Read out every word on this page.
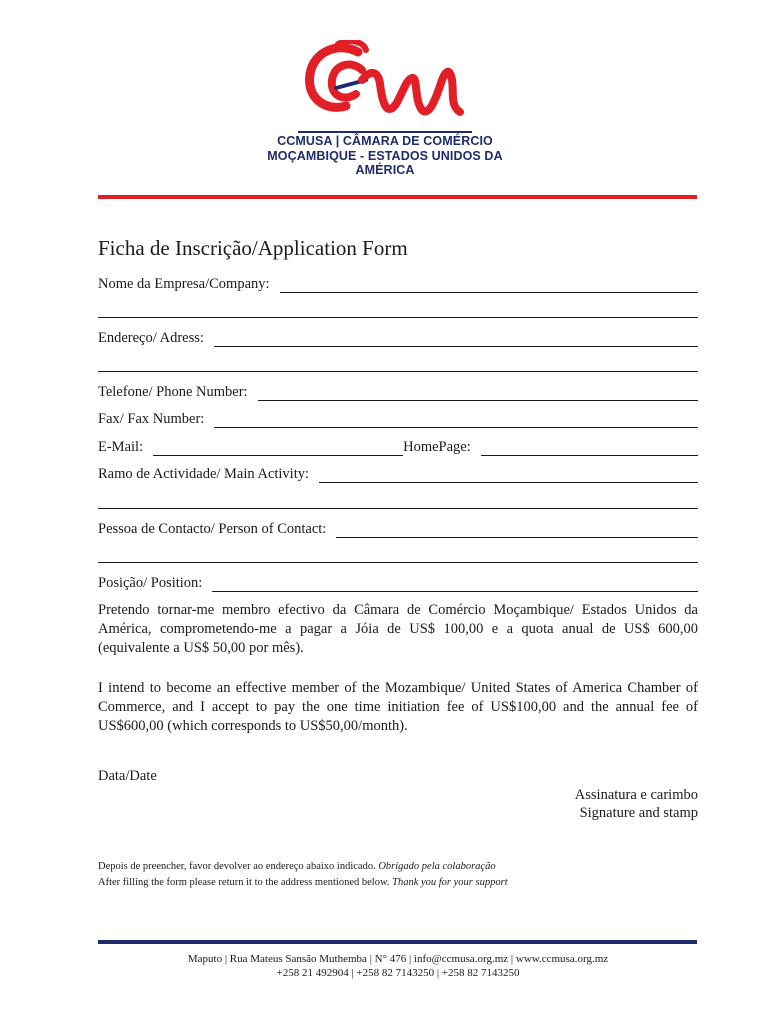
CCMUSA | CÂMARA DE COMÉRCIO
MOÇAMBIQUE - ESTADOS UNIDOS DA AMÉRICA
Ficha de Inscrição/Application Form
Nome da Empresa/Company:
Endereço/ Adress:
Telefone/ Phone Number:
Fax/ Fax Number:
E-Mail:	HomePage:
Ramo de Actividade/ Main Activity:
Pessoa de Contacto/ Person of Contact:
Posição/ Position:
Pretendo tornar-me membro efectivo da Câmara de Comércio Moçambique/ Estados Unidos da América, comprometendo-me a pagar a Jóia de US$ 100,00 e a quota anual de US$ 600,00 (equivalente a US$ 50,00 por mês).
I intend to become an effective member of the Mozambique/ United States of America Chamber of Commerce, and I accept to pay the one time initiation fee of US$100,00 and the annual fee of US$600,00 (which corresponds to US$50,00/month).
Data/Date
Assinatura e carimbo
Signature and stamp
Depois de preencher, favor devolver ao endereço abaixo indicado. Obrigado pela colaboração
After filling the form please return it to the address mentioned below. Thank you for your support
Maputo | Rua Mateus Sansão Muthemba | N° 476 | info@ccmusa.org.mz | www.ccmusa.org.mz
+258 21 492904 | +258 82 7143250 | +258 82 7143250
